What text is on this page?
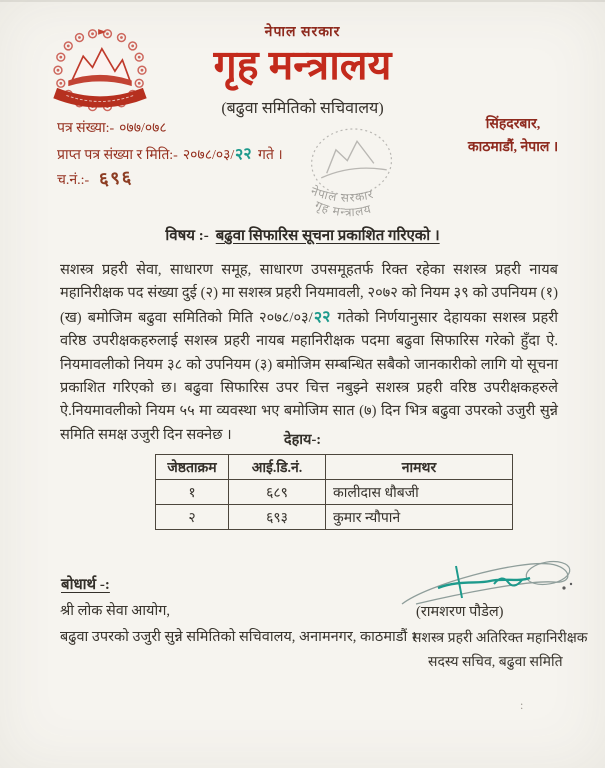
नेपाल सरकार
गृह मन्त्रालय
(बढुवा समितिको सचिवालय)
नेपाल सरकार
गृह मन्त्रालय
पत्र संख्या:- ०७७/०७८
प्राप्त पत्र संख्या र मिति:- २०७८/०३/२२ गते ।
च.नं.:- ६९६
सिंहदरबार,
काठमाडौं, नेपाल ।
विषय :- बढुवा सिफारिस सूचना प्रकाशित गरिएको ।
सशस्त्र प्रहरी सेवा, साधारण समूह, साधारण उपसमूहतर्फ रिक्त रहेका सशस्त्र प्रहरी नायब महानिरीक्षक पद संख्या दुई (२) मा सशस्त्र प्रहरी नियमावली, २०७२ को नियम ३९ को उपनियम (१) (ख) बमोजिम बढुवा समितिको मिति २०७८/०३/२२ गतेको निर्णयानुसार देहायका सशस्त्र प्रहरी वरिष्ठ उपरीक्षकहरुलाई सशस्त्र प्रहरी नायब महानिरीक्षक पदमा बढुवा सिफारिस गरेको हुँदा ऐ. नियमावलीको नियम ३८ को उपनियम (३) बमोजिम सम्बन्धित सबैको जानकारीको लागि यो सूचना प्रकाशित गरिएको छ। बढुवा सिफारिस उपर चित्त नबुझ्ने सशस्त्र प्रहरी वरिष्ठ उपरीक्षकहरुले ऐ.नियमावलीको नियम ५५ मा व्यवस्था भए बमोजिम सात (७) दिन भित्र बढुवा उपरको उजुरी सुन्ने समिति समक्ष उजुरी दिन सक्नेछ ।	देहाय-:
जेष्ठताक्रम	आई.डि.नं.	नामथर
१	६८९	कालीदास धौबजी
२	६९३	कुमार न्यौपाने
बोधार्थ -:
श्री लोक सेवा आयोग,
बढुवा उपरको उजुरी सुन्ने समितिको सचिवालय, अनामनगर, काठमाडौं ।
(रामशरण पौडेल)
सशस्त्र प्रहरी अतिरिक्त महानिरीक्षक
सदस्य सचिव, बढुवा समिति
:
